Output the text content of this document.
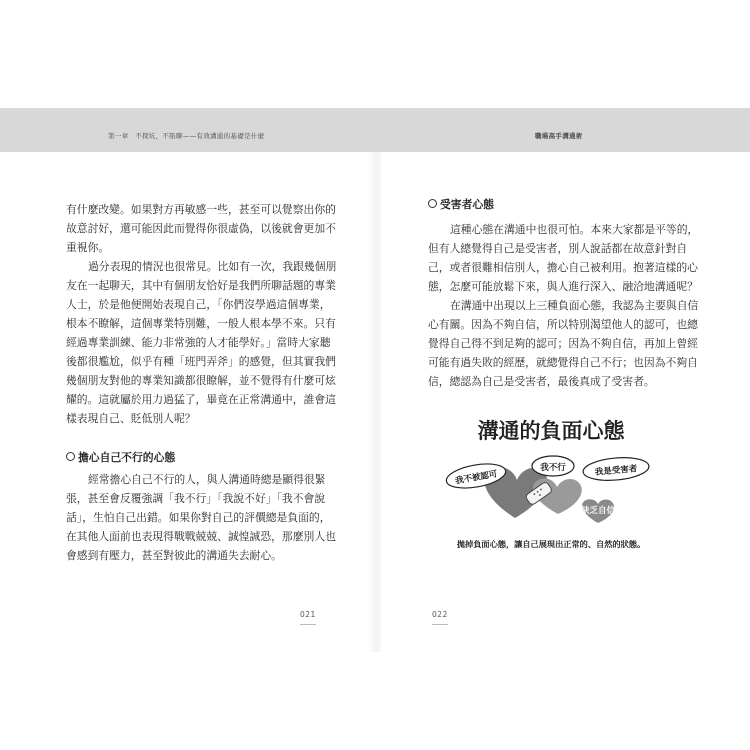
第一章　不探坑，不陷聊——有效溝通的基礎是什麼	職場高手溝通術
有什麼改變。如果對方再敏感一些，甚至可以覺察出你的
故意討好，還可能因此而覺得你很虛偽，以後就會更加不
重視你。
過分表現的情況也很常見。比如有一次，我跟幾個朋
友在一起聊天，其中有個朋友恰好是我們所聊話題的專業
人士，於是他便開始表現自己，「你們沒學過這個專業，
根本不瞭解，這個專業特別難，一般人根本學不來。只有
經過專業訓練、能力非常強的人才能學好。」當時大家聽
後都很尷尬，似乎有種「班門弄斧」的感覺，但其實我們
幾個朋友對他的專業知識都很瞭解，並不覺得有什麼可炫
耀的。這就屬於用力過猛了，畢竟在正常溝通中，誰會這
樣表現自己、貶低別人呢？
擔心自己不行的心態
經常擔心自己不行的人，與人溝通時總是顯得很緊
張，甚至會反覆強調「我不行」「我說不好」「我不會說
話」，生怕自己出錯。如果你對自己的評價總是負面的，
在其他人面前也表現得戰戰兢兢、誠惶誠恐，那麼別人也
會感到有壓力，甚至對彼此的溝通失去耐心。
021
受害者心態
這種心態在溝通中也很可怕。本來大家都是平等的，
但有人總覺得自己是受害者，別人說話都在故意針對自
己，或者很難相信別人，擔心自己被利用。抱著這樣的心
態，怎麼可能放鬆下來，與人進行深入、融洽地溝通呢？
在溝通中出現以上三種負面心態，我認為主要與自信
心有關。因為不夠自信，所以特別渴望他人的認可，也總
覺得自己得不到足夠的認可；因為不夠自信，再加上曾經
可能有過失敗的經歷，就總覺得自己不行；也因為不夠自
信，總認為自己是受害者，最後真成了受害者。
溝通的負面心態
缺乏自信
我不被認可
我不行	我是受害者
拋掉負面心態，讓自己展現出正常的、自然的狀態。
022
